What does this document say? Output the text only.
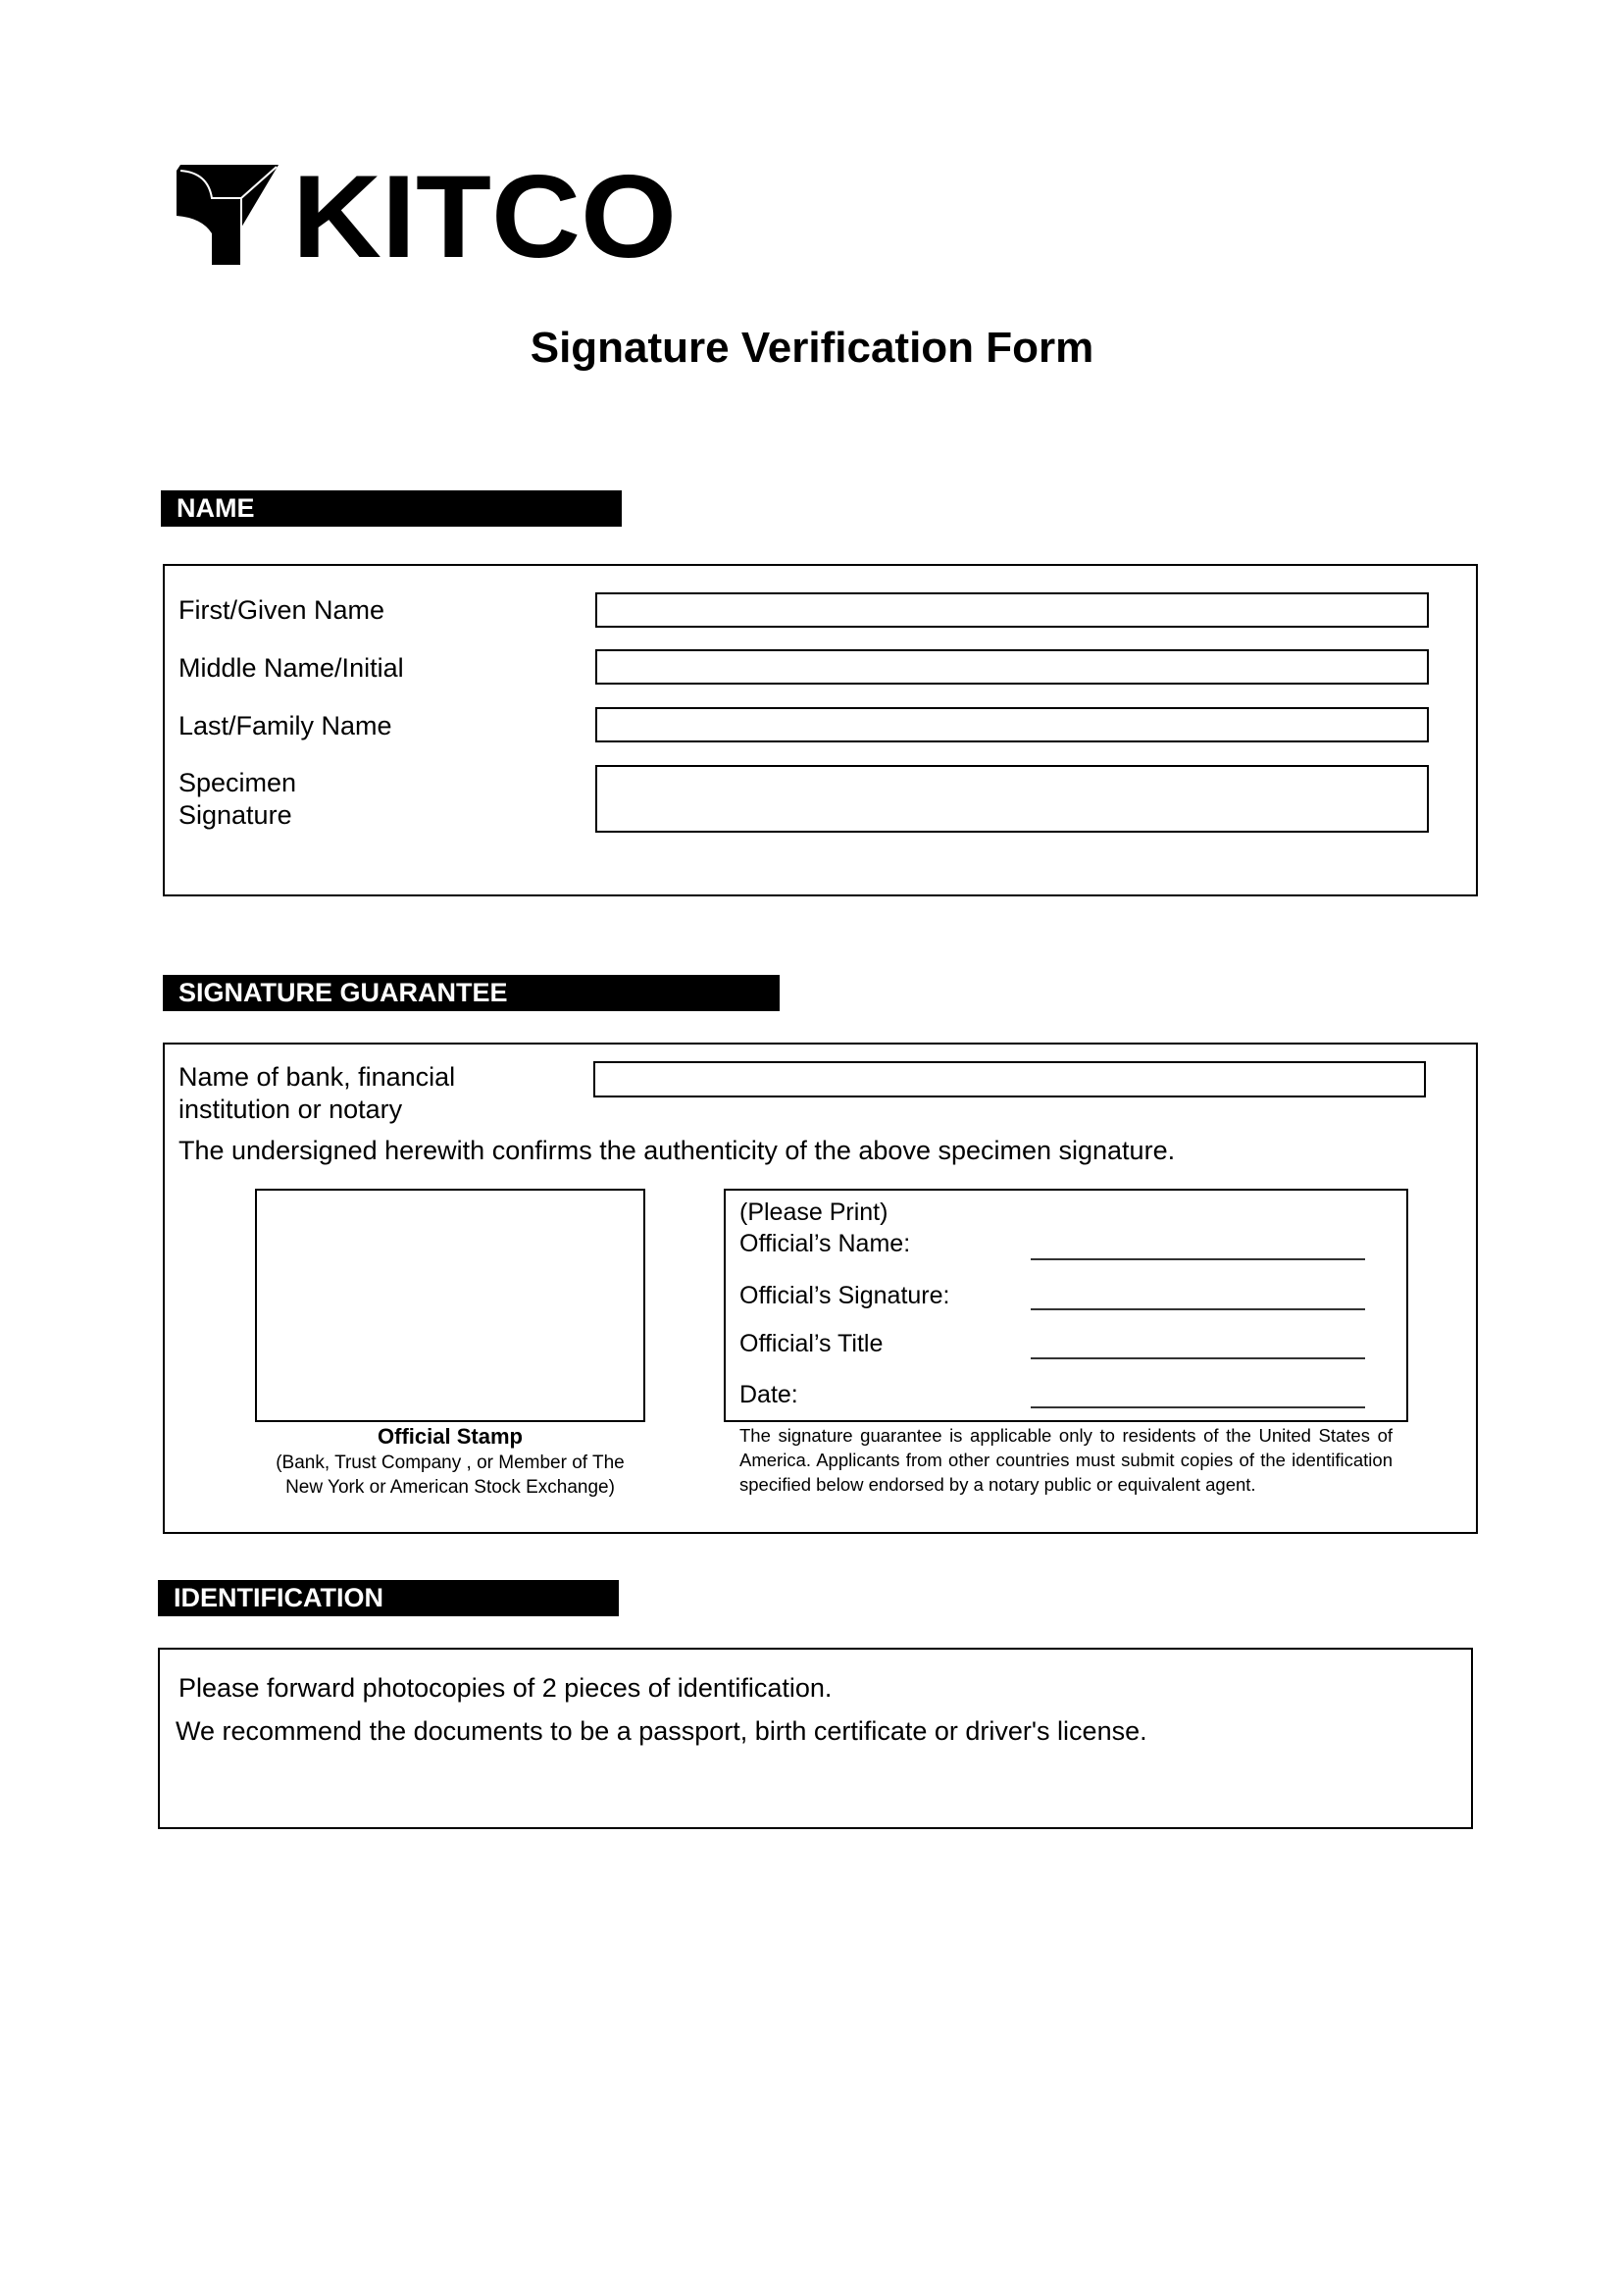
KITCO
Signature Verification Form
NAME
First/Given Name
Middle Name/Initial
Last/Family Name
Specimen
Signature
SIGNATURE GUARANTEE
Name of bank, financial
institution or notary
The undersigned herewith confirms the authenticity of the above specimen signature.
Official Stamp
(Bank, Trust Company , or Member of The
New York or American Stock Exchange)
(Please Print)
Official’s Name:
Official’s Signature:
Official’s Title
Date:
The signature guarantee is applicable only to residents of the United States of America. Applicants from other countries must submit copies of the identification specified below endorsed by a notary public or equivalent agent.
IDENTIFICATION
Please forward photocopies of 2 pieces of identification.
We recommend the documents to be a passport, birth certificate or driver's license.
